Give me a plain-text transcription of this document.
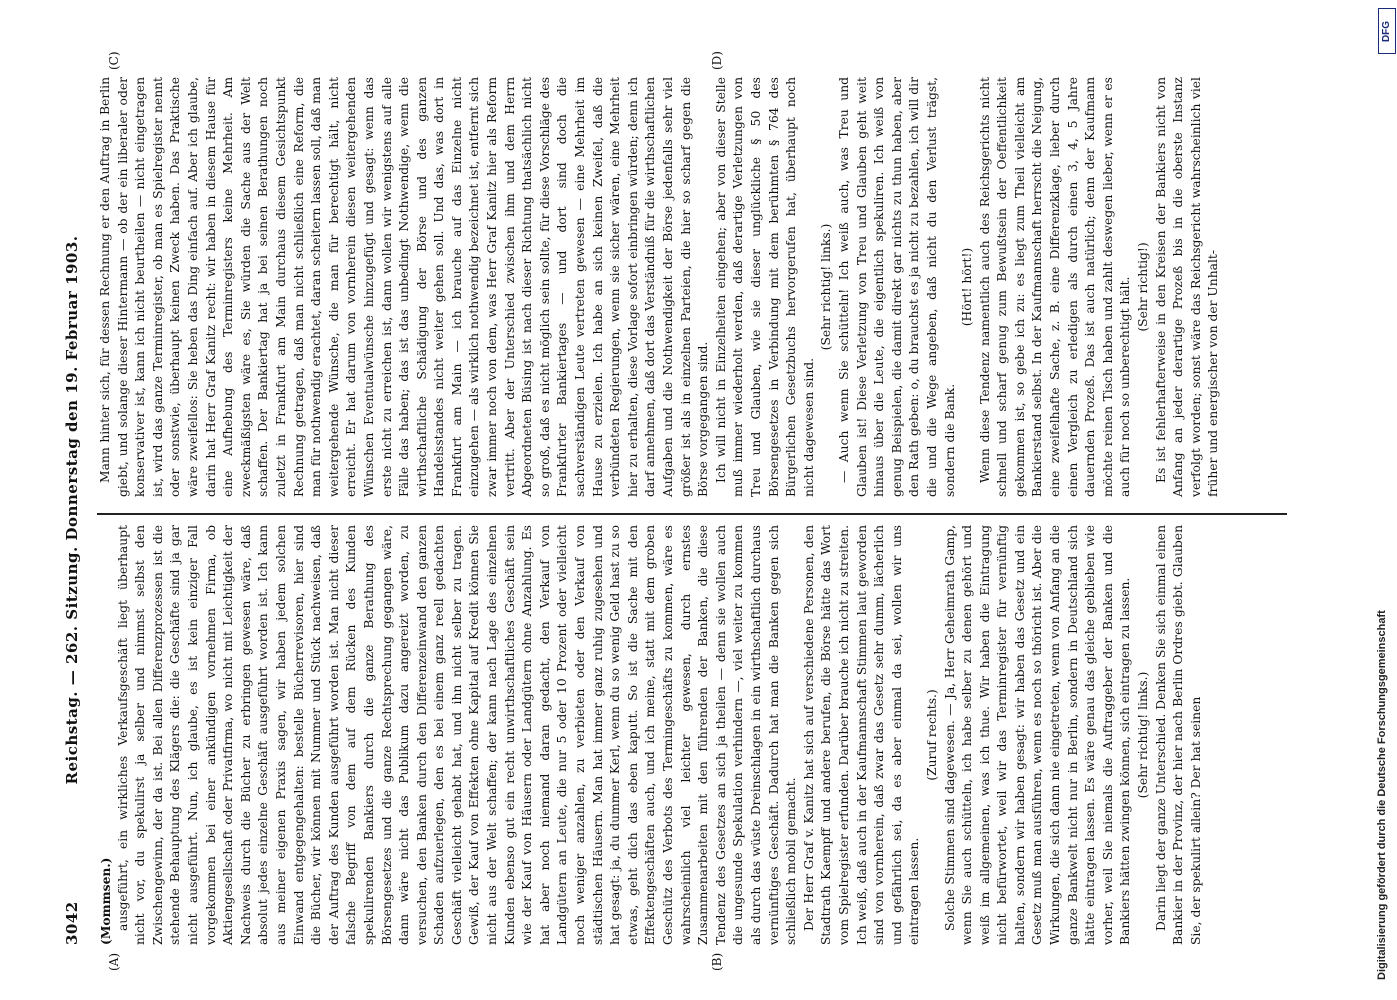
3042
Reichstag. — 262. Sitzung. Donnerstag den 19. Februar 1903.
(A)	(B)
(C)	(D)

(Mommsen.) ausgeführt, ein wirkliches Verkaufsgeschäft liegt überhaupt nicht vor, du spekulirst ja selber und nimmst selbst den Zwischengewinn, der da ist. Bei allen Differenzprozessen ist die stehende Behauptung des Klägers die: die Geschäfte sind ja gar nicht ausgeführt. Nun, ich glaube, es ist kein einziger Fall vorgekommen bei einer ankündigen vornehmen Firma, ob Aktiengesellschaft oder Privatfirma, wo nicht mit Leichtigkeit der Nachweis durch die Bücher zu erbringen gewesen wäre, daß absolut jedes einzelne Geschäft ausgeführt worden ist. Ich kann aus meiner eigenen Praxis sagen, wir haben jedem solchen Einwand entgegengehalten: bestelle Bücherrevisoren, hier sind die Bücher, wir können mit Nummer und Stück nachweisen, daß der Auftrag des Kunden ausgeführt worden ist. Man nicht dieser falsche Begriff von dem auf dem Rücken des Kunden spekulirenden Bankiers durch die ganze Berathung des Börsengesetzes und die ganze Rechtsprechung gegangen wäre, dann wäre nicht das Publikum dazu angereizt worden, zu versuchen, den Banken durch den Differenzeinwand den ganzen Schaden aufzuerlegen, den es bei einem ganz reell gedachten Geschäft vielleicht gehabt hat, und ihn nicht selber zu tragen. Gewiß, der Kauf von Effekten ohne Kapital auf Kredit können Sie nicht aus der Welt schaffen; der kann nach Lage des einzelnen Kunden ebenso gut ein recht unwirthschaftliches Geschäft sein wie der Kauf von Häusern oder Landgütern ohne Anzahlung. Es hat aber noch niemand daran gedacht, den Verkauf von Landgütern an Leute, die nur 5 oder 10 Prozent oder vielleicht noch weniger anzahlen, zu verbieten oder den Verkauf von städtischen Häusern. Man hat immer ganz ruhig zugesehen und hat gesagt: ja, du dummer Kerl, wenn du so wenig Geld hast zu so etwas, geht dich das eben kaputt. So ist die Sache mit den Effektengeschäften auch, und ich meine, statt mit dem groben Geschütz des Verbots des Termingeschäfts zu kommen, wäre es wahrscheinlich viel leichter gewesen, durch ernstes Zusammenarbeiten mit den führenden der Banken, die diese Tendenz des Gesetzes an sich ja theilen — denn sie wollen auch die ungesunde Spekulation verhindern —, viel weiter zu kommen als durch das wüste Dreinschlagen in ein wirthschaftlich durchaus vernünftiges Geschäft. Dadurch hat man die Banken gegen sich schließlich mobil gemacht. Der Herr Graf v. Kanitz hat sich auf verschiedene Personen, den Stadtrath Kaempff und andere berufen, die Börse hätte das Wort vom Spielregister erfunden. Darüber brauche ich nicht zu streiten. Ich weiß, daß auch in der Kaufmannschaft Stimmen laut geworden sind von vornherein, daß zwar das Gesetz sehr dumm, lächerlich und gefährlich sei, da es aber einmal da sei, wollen wir uns eintragen lassen.

(Zuruf rechts.) Solche Stimmen sind dagewesen. — Ja, Herr Geheimrath Gamp, wenn Sie auch schütteln, ich habe selber zu denen gehört und weiß im allgemeinen, was ich thue. Wir haben die Eintragung nicht befürwortet, weil wir das Terminregister für vernünftig halten, sondern wir haben gesagt: wir haben das Gesetz und ein Gesetz muß man ausführen, wenn es noch so thöricht ist. Aber die Wirkungen, die sich dann nie eingetreten, wenn von Anfang an die ganze Bankwelt nicht nur in Berlin, sondern in Deutschland sich hätte eintragen lassen. Es wäre genau das gleiche geblieben wie vorher, weil Sie niemals die Auftraggeber der Banken und die Bankiers hätten zwingen können, sich eintragen zu lassen. (Sehr richtig! links.) Darin liegt der ganze Unterschied. Denken Sie sich einmal einen Bankier in der Provinz, der hier nach Berlin Ordres giebt. Glauben Sie, der spekulirt allein? Der hat seinen

Mann hinter sich, für dessen Rechnung er den Auftrag in Berlin giebt, und solange dieser Hintermann — ob der ein liberaler oder konservativer ist, kann ich nicht beurtheilen — nicht eingetragen ist, wird das ganze Terminregister, ob man es Spielregister nennt oder sonstwie, überhaupt keinen Zweck haben. Das Praktische wäre zweifellos: Sie heben das Ding einfach auf. Aber ich glaube, darin hat Herr Graf Kanitz recht: wir haben in diesem Hause für eine Aufhebung des Terminregisters keine Mehrheit. Am zweckmäßigsten wäre es, Sie würden die Sache aus der Welt schaffen. Der Bankiertag hat ja bei seinen Berathungen noch zuletzt in Frankfurt am Main durchaus diesem Gesichtspunkt Rechnung getragen, daß man nicht schließlich eine Reform, die man für nothwendig erachtet, daran scheitern lassen soll, daß man weitergehende Wünsche, die man für berechtigt hält, nicht erreicht. Er hat darum von vornherein diesen weitergehenden Wünschen Eventualwünsche hinzugefügt und gesagt: wenn das erste nicht zu erreichen ist, dann wollen wir wenigstens auf alle Fälle das haben; das ist das unbedingt Nothwendige, wenn die wirthschaftliche Schädigung der Börse und des ganzen Handelsstandes nicht weiter gehen soll. Und das, was dort in Frankfurt am Main — ich brauche auf das Einzelne nicht einzugehen — als wirklich nothwendig bezeichnet ist, entfernt sich zwar immer noch von dem, was Herr Graf Kanitz hier als Reform vertritt. Aber der Unterschied zwischen ihm und dem Herrn Abgeordneten Büsing ist nach dieser Richtung thatsächlich nicht so groß, daß es nicht möglich sein sollte, für diese Vorschläge des Frankfurter Bankiertages — und dort sind doch die sachverständigen Leute vertreten gewesen — eine Mehrheit im Hause zu erzielen. Ich habe an sich keinen Zweifel, daß die verbündeten Regierungen, wenn sie sicher wären, eine Mehrheit hier zu erhalten, diese Vorlage sofort einbringen würden; denn ich darf annehmen, daß dort das Verständniß für die wirthschaftlichen Aufgaben und die Nothwendigkeit der Börse jedenfalls sehr viel größer ist als in einzelnen Parteien, die hier so scharf gegen die Börse vorgegangen sind. Ich will nicht in Einzelheiten eingehen; aber von dieser Stelle muß immer wiederholt werden, daß derartige Verletzungen von Treu und Glauben, wie sie dieser unglückliche § 50 des Börsengesetzes in Verbindung mit dem berühmten § 764 des Bürgerlichen Gesetzbuchs hervorgerufen hat, überhaupt noch nicht dagewesen sind.

(Sehr richtig! links.) — Auch wenn Sie schütteln! Ich weiß auch, was Treu und Glauben ist! Diese Verletzung von Treu und Glauben geht weit hinaus über die Leute, die eigentlich spekuliren. Ich weiß von genug Beispielen, die damit direkt gar nichts zu thun haben, aber den Rath geben: o, du brauchst es ja nicht zu bezahlen, ich will dir die und die Wege angeben, daß nicht du den Verlust trägst, sondern die Bank.

(Hört! hört!) Wenn diese Tendenz namentlich auch des Reichsgerichts nicht schnell und scharf genug zum Bewußtsein der Oeffentlichkeit gekommen ist, so gebe ich zu: es liegt zum Theil vielleicht am Bankierstand selbst. In der Kaufmannschaft herrscht die Neigung, eine zweifelhafte Sache, z. B. eine Differenzklage, lieber durch einen Vergleich zu erledigen als durch einen 3, 4, 5 Jahre dauernden Prozeß. Das ist auch natürlich; denn der Kaufmann möchte reinen Tisch haben und zahlt deswegen lieber, wenn er es auch für noch so unberechtigt hält. (Sehr richtig!) Es ist fehlerhafterweise in den Kreisen der Bankiers nicht von Anfang an jeder derartige Prozeß bis in die oberste Instanz verfolgt worden; sonst wäre das Reichsgericht wahrscheinlich viel früher und energischer von der Unhalt-

DFG
Digitalisierung gefördert durch die Deutsche Forschungsgemeinschaft
